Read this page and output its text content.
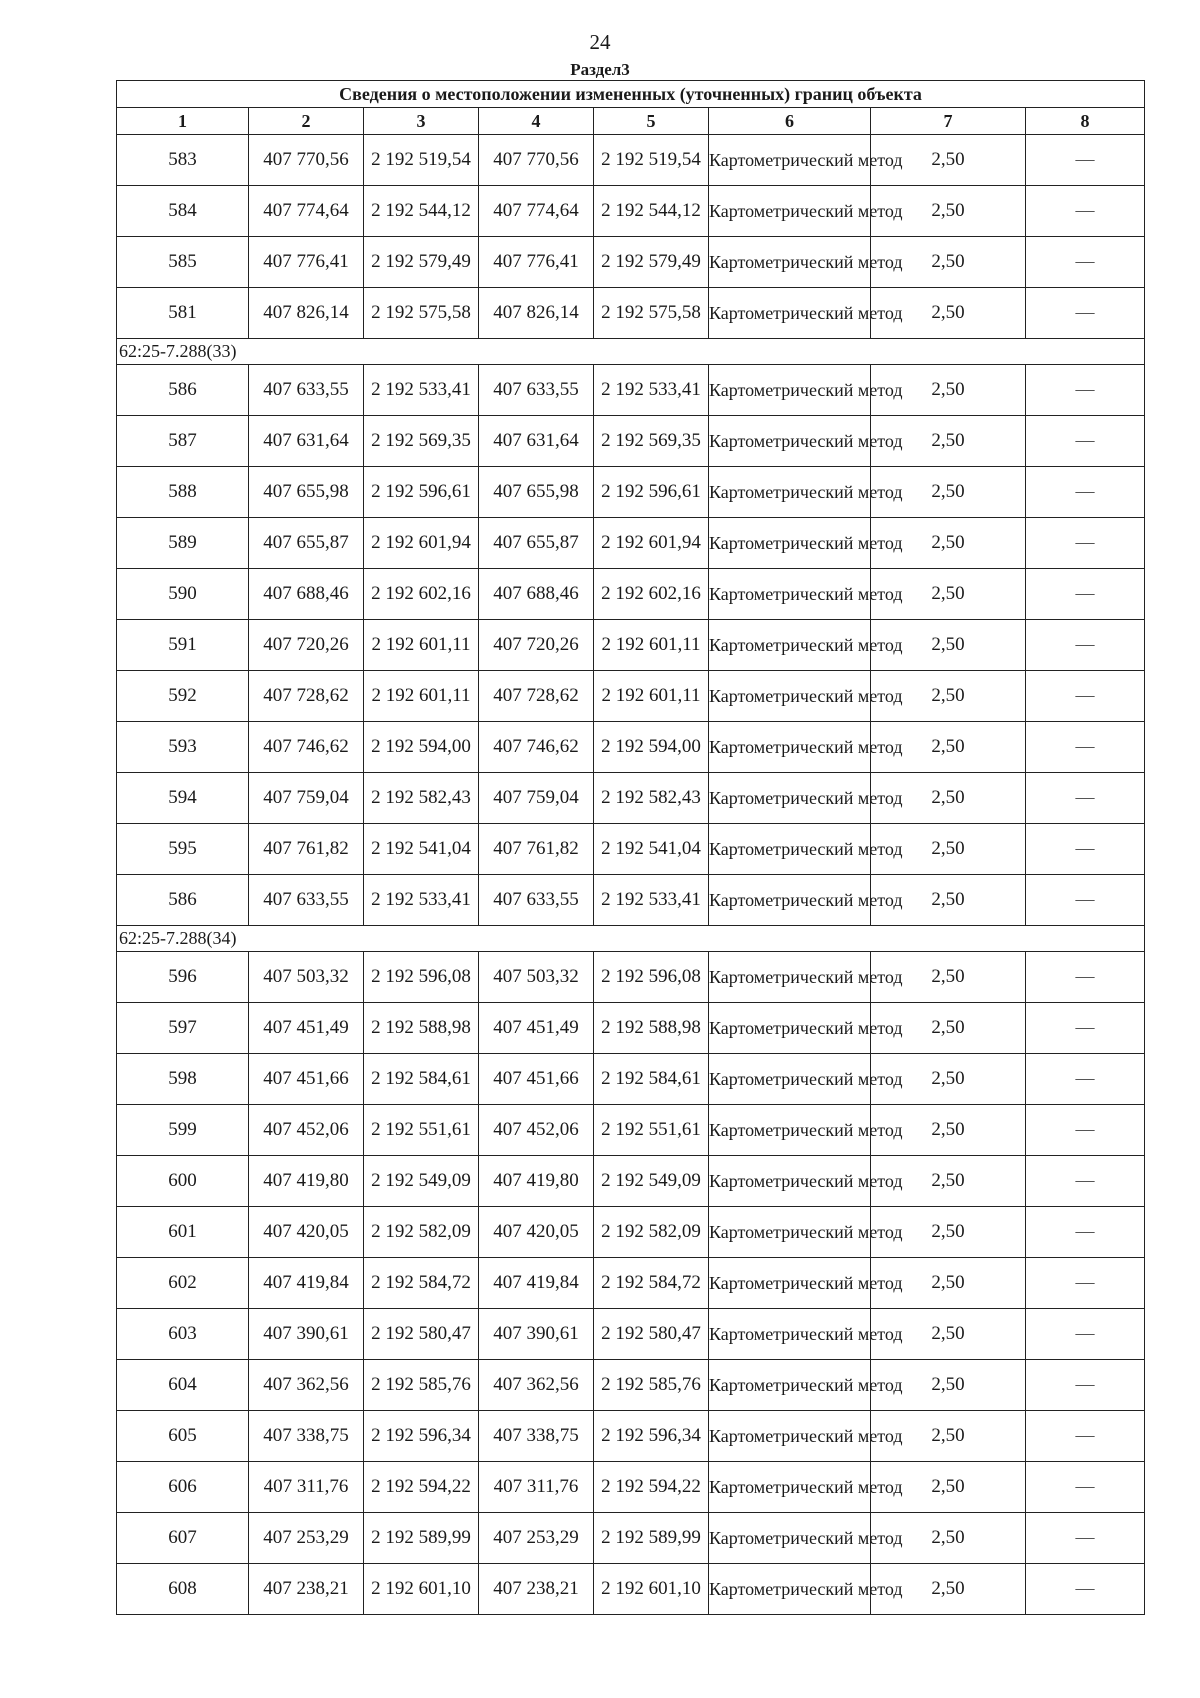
24
Раздел3
Сведения о местоположении измененных (уточненных) границ объекта							
1	2	3	4	5	6	7	8
583	407 770,56	2 192 519,54	407 770,56	2 192 519,54	Картометрический метод	2,50	—
584	407 774,64	2 192 544,12	407 774,64	2 192 544,12	Картометрический метод	2,50	—
585	407 776,41	2 192 579,49	407 776,41	2 192 579,49	Картометрический метод	2,50	—
581	407 826,14	2 192 575,58	407 826,14	2 192 575,58	Картометрический метод	2,50	—
62:25-7.288(33)							
586	407 633,55	2 192 533,41	407 633,55	2 192 533,41	Картометрический метод	2,50	—
587	407 631,64	2 192 569,35	407 631,64	2 192 569,35	Картометрический метод	2,50	—
588	407 655,98	2 192 596,61	407 655,98	2 192 596,61	Картометрический метод	2,50	—
589	407 655,87	2 192 601,94	407 655,87	2 192 601,94	Картометрический метод	2,50	—
590	407 688,46	2 192 602,16	407 688,46	2 192 602,16	Картометрический метод	2,50	—
591	407 720,26	2 192 601,11	407 720,26	2 192 601,11	Картометрический метод	2,50	—
592	407 728,62	2 192 601,11	407 728,62	2 192 601,11	Картометрический метод	2,50	—
593	407 746,62	2 192 594,00	407 746,62	2 192 594,00	Картометрический метод	2,50	—
594	407 759,04	2 192 582,43	407 759,04	2 192 582,43	Картометрический метод	2,50	—
595	407 761,82	2 192 541,04	407 761,82	2 192 541,04	Картометрический метод	2,50	—
586	407 633,55	2 192 533,41	407 633,55	2 192 533,41	Картометрический метод	2,50	—
62:25-7.288(34)							
596	407 503,32	2 192 596,08	407 503,32	2 192 596,08	Картометрический метод	2,50	—
597	407 451,49	2 192 588,98	407 451,49	2 192 588,98	Картометрический метод	2,50	—
598	407 451,66	2 192 584,61	407 451,66	2 192 584,61	Картометрический метод	2,50	—
599	407 452,06	2 192 551,61	407 452,06	2 192 551,61	Картометрический метод	2,50	—
600	407 419,80	2 192 549,09	407 419,80	2 192 549,09	Картометрический метод	2,50	—
601	407 420,05	2 192 582,09	407 420,05	2 192 582,09	Картометрический метод	2,50	—
602	407 419,84	2 192 584,72	407 419,84	2 192 584,72	Картометрический метод	2,50	—
603	407 390,61	2 192 580,47	407 390,61	2 192 580,47	Картометрический метод	2,50	—
604	407 362,56	2 192 585,76	407 362,56	2 192 585,76	Картометрический метод	2,50	—
605	407 338,75	2 192 596,34	407 338,75	2 192 596,34	Картометрический метод	2,50	—
606	407 311,76	2 192 594,22	407 311,76	2 192 594,22	Картометрический метод	2,50	—
607	407 253,29	2 192 589,99	407 253,29	2 192 589,99	Картометрический метод	2,50	—
608	407 238,21	2 192 601,10	407 238,21	2 192 601,10	Картометрический метод	2,50	—
